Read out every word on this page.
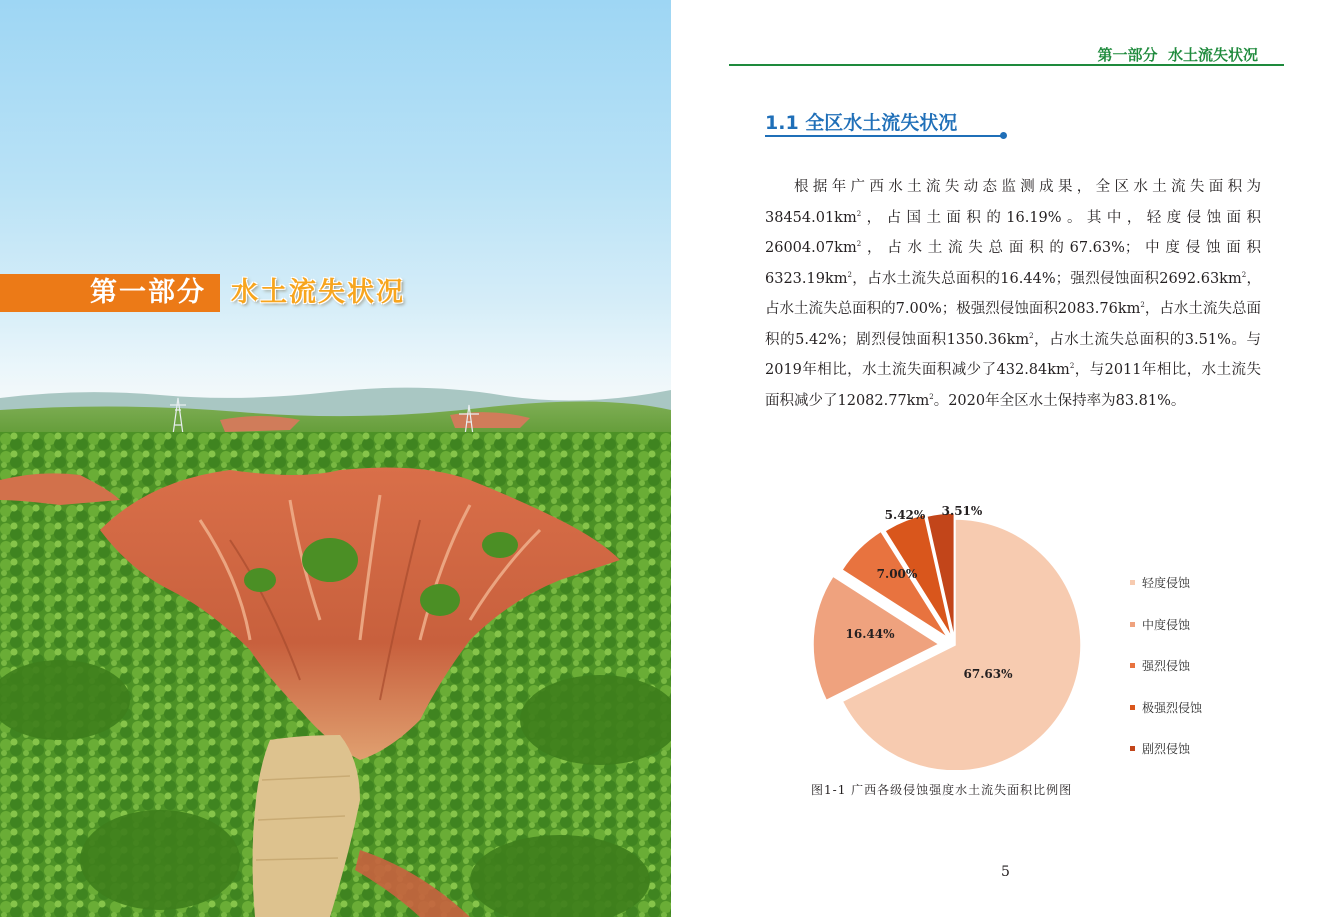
第一部分 水土流失状况
第一部分  水土流失状况
1.1 全区水土流失状况

根据年广西水土流失动态监测成果，全区水土流失面积为$38454.01km^2$，占国土面积的16.19%。其中，轻度侵蚀面积$26004.07km^2$，占水土流失总面积的67.63%；中度侵蚀面积$6323.19km^2$，占水土流失总面积的16.44%；强烈侵蚀面积$2692.63km^2$，占水土流失总面积的7.00%；极强烈侵蚀面积$2083.76km^2$，占水土流失总面积的5.42%；剧烈侵蚀面积$1350.36km^2$，占水土流失总面积的3.51%。与2019年相比，水土流失面积减少了$432.84km^2$，与2011年相比，水土流失面积减少了$12082.77km^2$。2020年全区水土保持率为83.81%。

67.63%
16.44%
7.00%
5.42% 3.51%
轻度侵蚀
中度侵蚀
强烈侵蚀
极强烈侵蚀
剧烈侵蚀
图1-1 广西各级侵蚀强度水土流失面积比例图
5
